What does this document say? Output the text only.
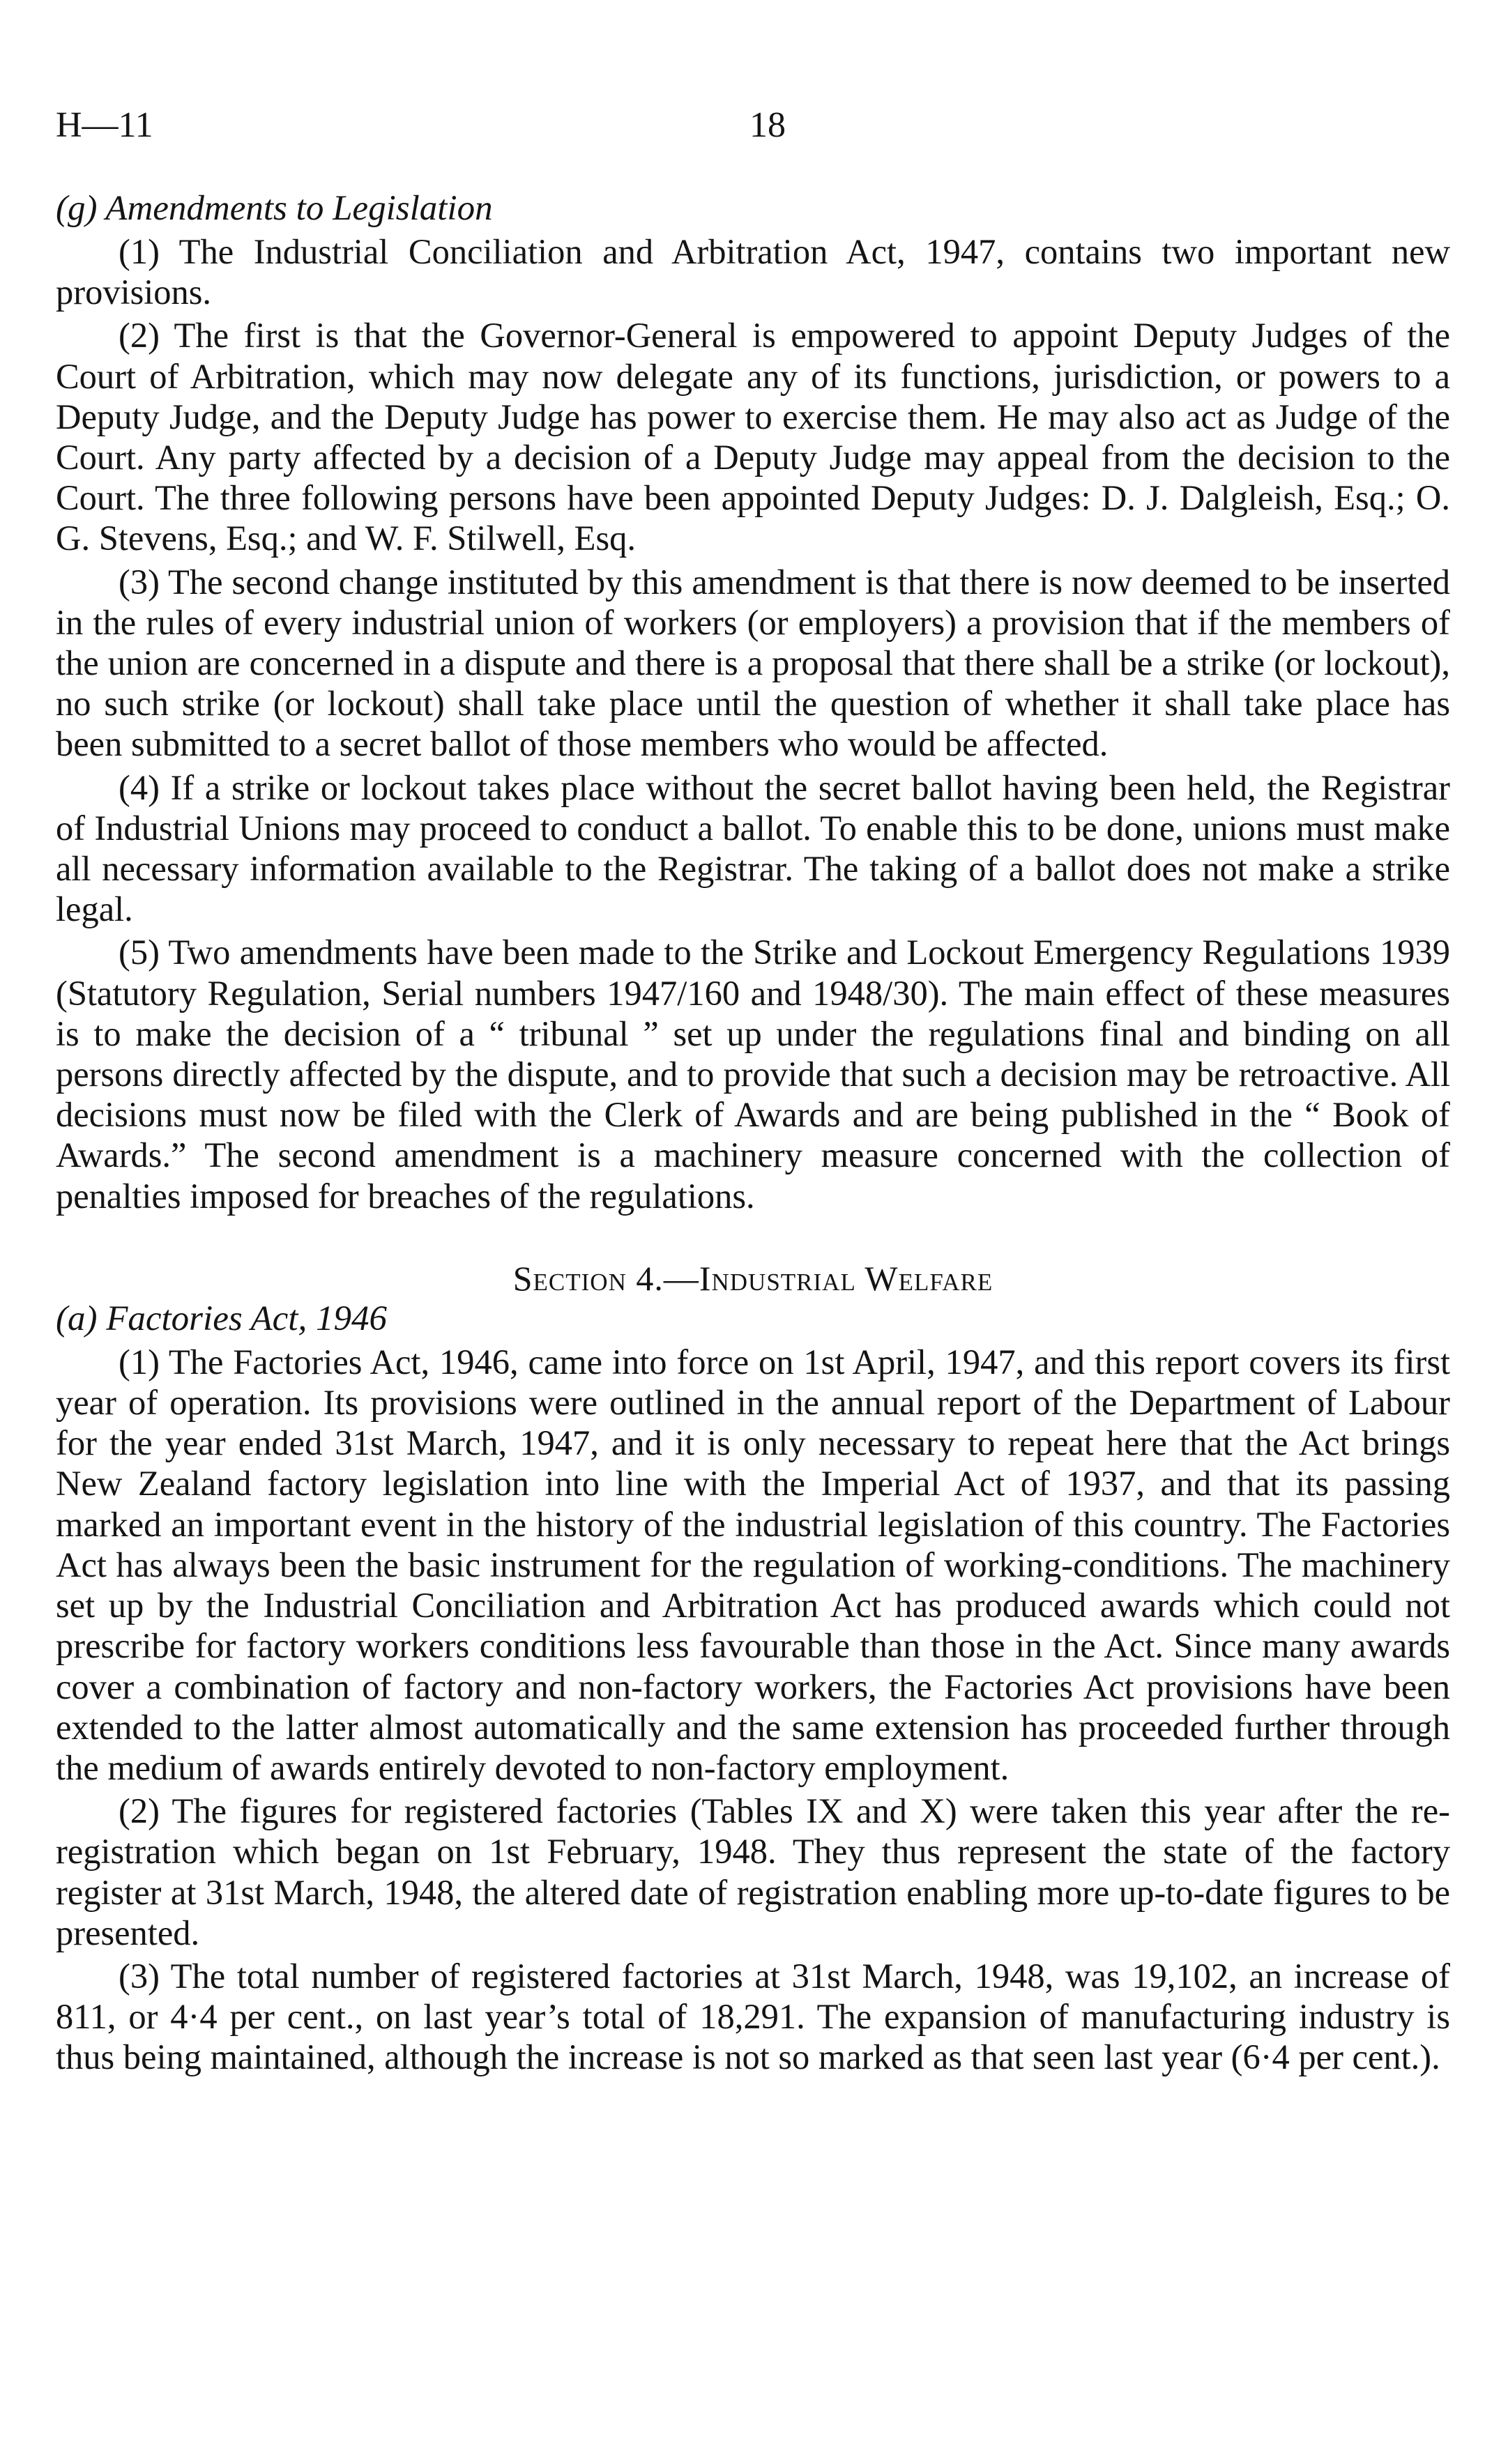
H—11	18
(g) Amendments to Legislation

(1) The Industrial Conciliation and Arbitration Act, 1947, contains two important new provisions.

(2) The first is that the Governor-General is empowered to appoint Deputy Judges of the Court of Arbitration, which may now delegate any of its functions, jurisdiction, or powers to a Deputy Judge, and the Deputy Judge has power to exercise them. He may also act as Judge of the Court. Any party affected by a decision of a Deputy Judge may appeal from the decision to the Court. The three following persons have been appointed Deputy Judges: D. J. Dalgleish, Esq.; O. G. Stevens, Esq.; and W. F. Stilwell, Esq.

(3) The second change instituted by this amendment is that there is now deemed to be inserted in the rules of every industrial union of workers (or employers) a provision that if the members of the union are concerned in a dispute and there is a proposal that there shall be a strike (or lockout), no such strike (or lockout) shall take place until the question of whether it shall take place has been submitted to a secret ballot of those members who would be affected.

(4) If a strike or lockout takes place without the secret ballot having been held, the Registrar of Industrial Unions may proceed to conduct a ballot. To enable this to be done, unions must make all necessary information available to the Registrar. The taking of a ballot does not make a strike legal.

(5) Two amendments have been made to the Strike and Lockout Emergency Regulations 1939 (Statutory Regulation, Serial numbers 1947/160 and 1948/30). The main effect of these measures is to make the decision of a “ tribunal ” set up under the regulations final and binding on all persons directly affected by the dispute, and to provide that such a decision may be retroactive. All decisions must now be filed with the Clerk of Awards and are being published in the “ Book of Awards.” The second amendment is a machinery measure concerned with the collection of penalties imposed for breaches of the regulations.

Section 4.—Industrial Welfare
(a) Factories Act, 1946

(1) The Factories Act, 1946, came into force on 1st April, 1947, and this report covers its first year of operation. Its provisions were outlined in the annual report of the Department of Labour for the year ended 31st March, 1947, and it is only necessary to repeat here that the Act brings New Zealand factory legislation into line with the Imperial Act of 1937, and that its passing marked an important event in the history of the industrial legislation of this country. The Factories Act has always been the basic instrument for the regulation of working-conditions. The machinery set up by the Industrial Conciliation and Arbitration Act has produced awards which could not prescribe for factory workers conditions less favourable than those in the Act. Since many awards cover a combination of factory and non-factory workers, the Factories Act provisions have been extended to the latter almost automatically and the same extension has proceeded further through the medium of awards entirely devoted to non-factory employment.

(2) The figures for registered factories (Tables IX and X) were taken this year after the re-registration which began on 1st February, 1948. They thus represent the state of the factory register at 31st March, 1948, the altered date of registration enabling more up-to-date figures to be presented.

(3) The total number of registered factories at 31st March, 1948, was 19,102, an increase of 811, or 4·4 per cent., on last year’s total of 18,291. The expansion of manufacturing industry is thus being maintained, although the increase is not so marked as that seen last year (6·4 per cent.).
